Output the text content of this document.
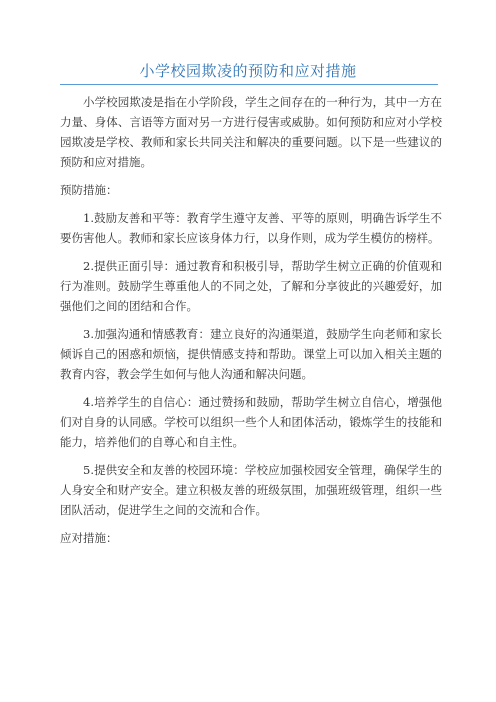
小学校园欺凌的预防和应对措施

小学校园欺凌是指在小学阶段，学生之间存在的一种行为，其中一方在力量、身体、言语等方面对另一方进行侵害或威胁。如何预防和应对小学校园欺凌是学校、教师和家长共同关注和解决的重要问题。以下是一些建议的预防和应对措施。

预防措施：

1.鼓励友善和平等：教育学生遵守友善、平等的原则，明确告诉学生不要伤害他人。教师和家长应该身体力行，以身作则，成为学生模仿的榜样。

2.提供正面引导：通过教育和积极引导，帮助学生树立正确的价值观和行为准则。鼓励学生尊重他人的不同之处，了解和分享彼此的兴趣爱好，加强他们之间的团结和合作。

3.加强沟通和情感教育：建立良好的沟通渠道，鼓励学生向老师和家长倾诉自己的困惑和烦恼，提供情感支持和帮助。课堂上可以加入相关主题的教育内容，教会学生如何与他人沟通和解决问题。

4.培养学生的自信心：通过赞扬和鼓励，帮助学生树立自信心，增强他们对自身的认同感。学校可以组织一些个人和团体活动，锻炼学生的技能和能力，培养他们的自尊心和自主性。

5.提供安全和友善的校园环境：学校应加强校园安全管理，确保学生的人身安全和财产安全。建立积极友善的班级氛围，加强班级管理，组织一些团队活动，促进学生之间的交流和合作。

应对措施：
